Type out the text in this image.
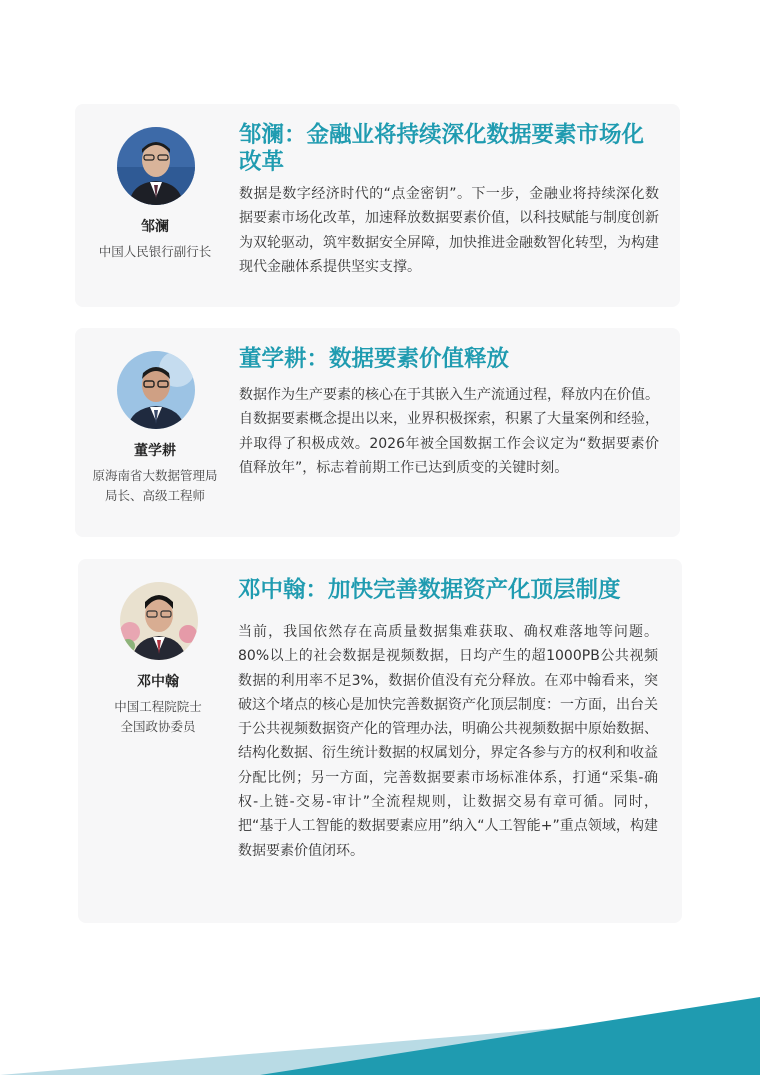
邹澜
中国人民银行副行长
邹澜：金融业将持续深化数据要素市场化改革

数据是数字经济时代的“点金密钥”。下一步，金融业将持续深化数据要素市场化改革，加速释放数据要素价值，以科技赋能与制度创新为双轮驱动，筑牢数据安全屏障，加快推进金融数智化转型，为构建现代金融体系提供坚实支撑。

董学耕
原海南省大数据管理局
局长、高级工程师
董学耕：数据要素价值释放

数据作为生产要素的核心在于其嵌入生产流通过程，释放内在价值。自数据要素概念提出以来，业界积极探索，积累了大量案例和经验，并取得了积极成效。2026年被全国数据工作会议定为“数据要素价值释放年”，标志着前期工作已达到质变的关键时刻。

邓中翰
中国工程院院士
全国政协委员
邓中翰：加快完善数据资产化顶层制度

当前，我国依然存在高质量数据集难获取、确权难落地等问题。80%以上的社会数据是视频数据，日均产生的超1000PB公共视频数据的利用率不足3%，数据价值没有充分释放。在邓中翰看来，突破这个堵点的核心是加快完善数据资产化顶层制度：一方面，出台关于公共视频数据资产化的管理办法，明确公共视频数据中原始数据、结构化数据、衍生统计数据的权属划分，界定各参与方的权利和收益分配比例；另一方面，完善数据要素市场标准体系，打通“采集-确权-上链-交易-审计”全流程规则，让数据交易有章可循。同时，把“基于人工智能的数据要素应用”纳入“人工智能+”重点领域，构建数据要素价值闭环。
